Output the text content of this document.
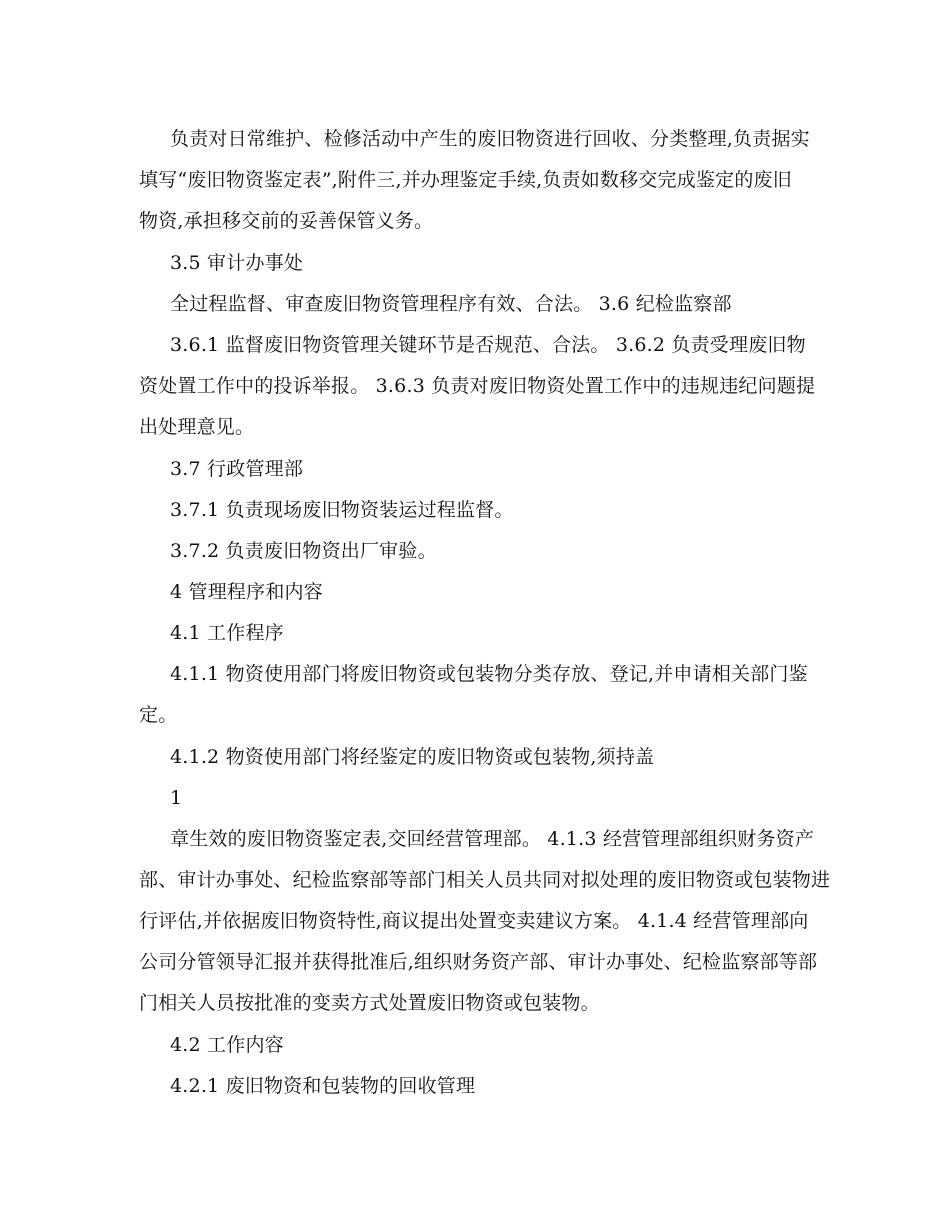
负责对日常维护、检修活动中产生的废旧物资进行回收、分类整理,负责据实
填写“废旧物资鉴定表”,附件三,并办理鉴定手续,负责如数移交完成鉴定的废旧
物资,承担移交前的妥善保管义务。
3.5 审计办事处
全过程监督、审查废旧物资管理程序有效、合法。 3.6 纪检监察部
3.6.1 监督废旧物资管理关键环节是否规范、合法。 3.6.2 负责受理废旧物
资处置工作中的投诉举报。 3.6.3 负责对废旧物资处置工作中的违规违纪问题提
出处理意见。
3.7 行政管理部
3.7.1 负责现场废旧物资装运过程监督。
3.7.2 负责废旧物资出厂审验。
4 管理程序和内容
4.1 工作程序
4.1.1 物资使用部门将废旧物资或包装物分类存放、登记,并申请相关部门鉴
定。
4.1.2 物资使用部门将经鉴定的废旧物资或包装物,须持盖
1
章生效的废旧物资鉴定表,交回经营管理部。 4.1.3 经营管理部组织财务资产
部、审计办事处、纪检监察部等部门相关人员共同对拟处理的废旧物资或包装物进
行评估,并依据废旧物资特性,商议提出处置变卖建议方案。 4.1.4 经营管理部向
公司分管领导汇报并获得批准后,组织财务资产部、审计办事处、纪检监察部等部
门相关人员按批准的变卖方式处置废旧物资或包装物。
4.2 工作内容
4.2.1 废旧物资和包装物的回收管理
